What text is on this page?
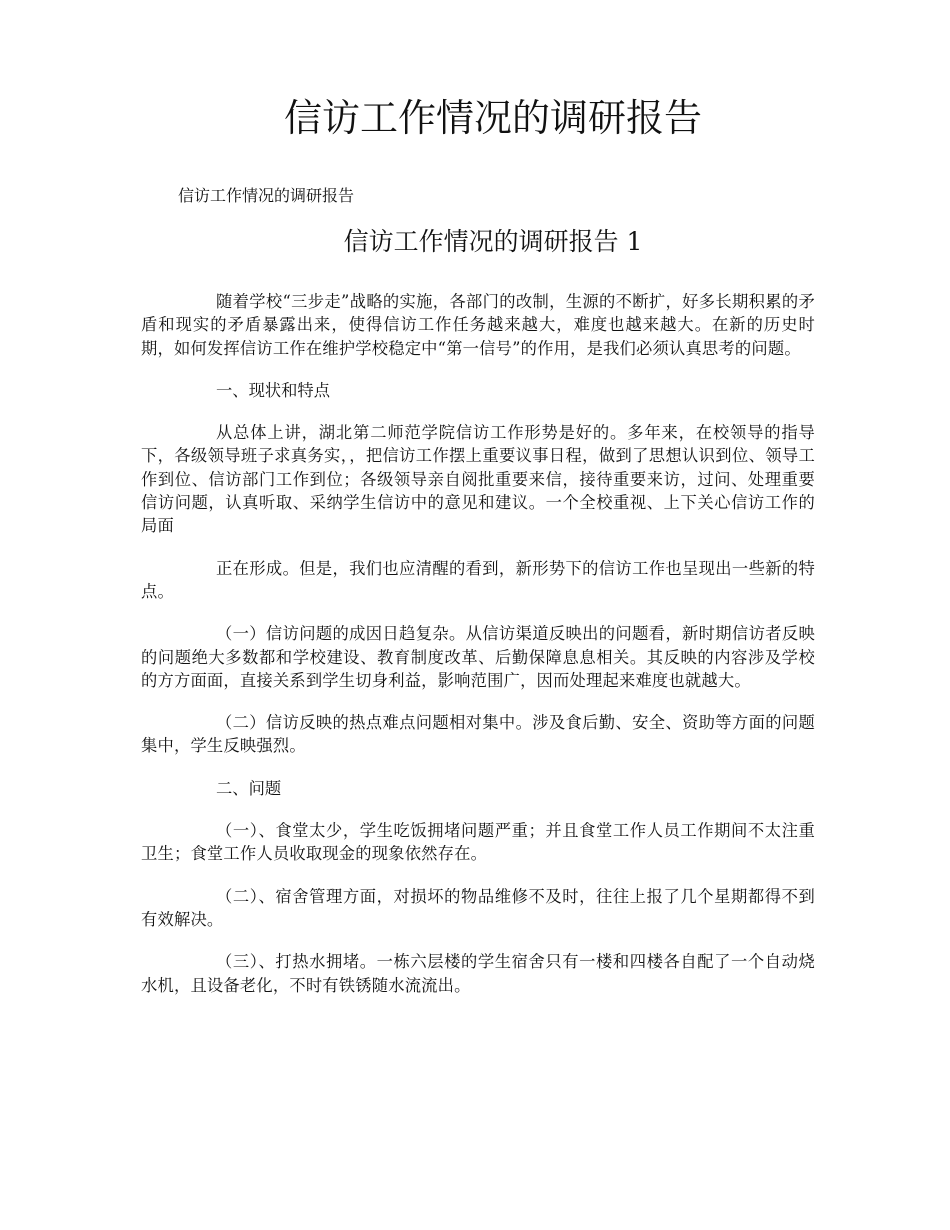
信访工作情况的调研报告

信访工作情况的调研报告

信访工作情况的调研报告 1

随着学校“三步走”战略的实施，各部门的改制，生源的不断扩，好多长期积累的矛盾和现实的矛盾暴露出来，使得信访工作任务越来越大，难度也越来越大。在新的历史时期，如何发挥信访工作在维护学校稳定中“第一信号”的作用，是我们必须认真思考的问题。

一、现状和特点

从总体上讲，湖北第二师范学院信访工作形势是好的。多年来，在校领导的指导下，各级领导班子求真务实，，把信访工作摆上重要议事日程，做到了思想认识到位、领导工作到位、信访部门工作到位；各级领导亲自阅批重要来信，接待重要来访，过问、处理重要信访问题，认真听取、采纳学生信访中的意见和建议。一个全校重视、上下关心信访工作的局面

正在形成。但是，我们也应清醒的看到，新形势下的信访工作也呈现出一些新的特点。

（一）信访问题的成因日趋复杂。从信访渠道反映出的问题看，新时期信访者反映的问题绝大多数都和学校建设、教育制度改革、后勤保障息息相关。其反映的内容涉及学校的方方面面，直接关系到学生切身利益，影响范围广，因而处理起来难度也就越大。

（二）信访反映的热点难点问题相对集中。涉及食后勤、安全、资助等方面的问题集中，学生反映强烈。

二、问题

（一）、食堂太少，学生吃饭拥堵问题严重；并且食堂工作人员工作期间不太注重卫生；食堂工作人员收取现金的现象依然存在。

（二）、宿舍管理方面，对损坏的物品维修不及时，往往上报了几个星期都得不到有效解决。

（三）、打热水拥堵。一栋六层楼的学生宿舍只有一楼和四楼各自配了一个自动烧水机，且设备老化，不时有铁锈随水流流出。
